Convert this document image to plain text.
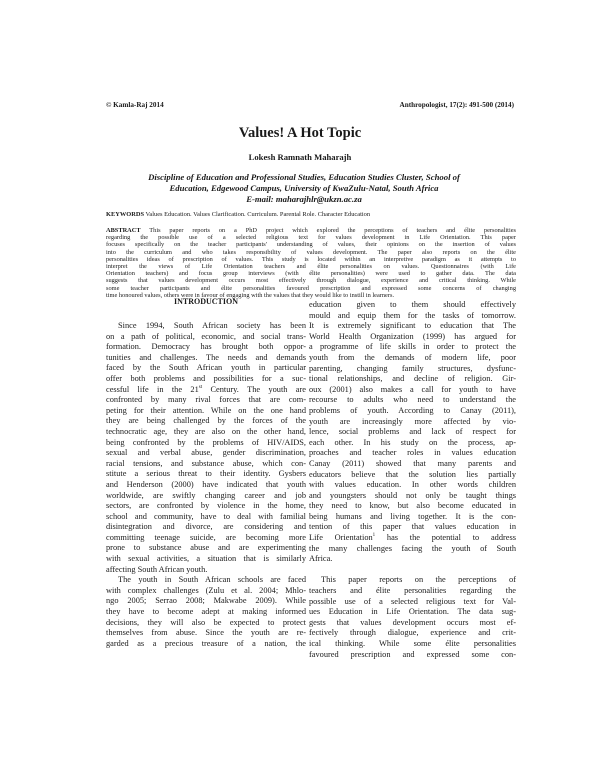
© Kamla-Raj 2014	Anthropologist, 17(2): 491-500 (2014)
Values! A Hot Topic
Lokesh Ramnath Maharajh
Discipline of Education and Professional Studies, Education Studies Cluster, School of
Education, Edgewood Campus, University of KwaZulu-Natal, South Africa
E-mail: maharajhlr@ukzn.ac.za
KEYWORDS Values Education. Values Clarification. Curriculum. Parental Role. Character Education
ABSTRACT This paper reports on a PhD project which explored the perceptions of teachers and élite personalities
regarding the possible use of a selected religious text for values development in Life Orientation. This paper
focuses specifically on the teacher participants' understanding of values, their opinions on the insertion of values
into the curriculum and who takes responsibility of values development. The paper also reports on the élite
personalities ideas of prescription of values. This study is located within an interpretive paradigm as it attempts to
interpret the views of Life Orientation teachers and élite personalities on values. Questionnaires (with Life
Orientation teachers) and focus group interviews (with élite personalities) were used to gather data. The data
suggests that values development occurs most effectively through dialogue, experience and critical thinking. While
some teacher participants and élite personalities favoured prescription and expressed some concerns of changing
time honoured values, others were in favour of engaging with the values that they would like to instill in learners.
INTRODUCTION
Since 1994, South African society has been
on a path of political, economic, and social trans-
formation. Democracy has brought both oppor-
tunities and challenges. The needs and demands
faced by the South African youth in particular
offer both problems and possibilities for a suc-
cessful life in the 21st Century. The youth are
confronted by many rival forces that are com-
peting for their attention. While on the one hand
they are being challenged by the forces of the
technocratic age, they are also on the other hand,
being confronted by the problems of HIV/AIDS,
sexual and verbal abuse, gender discrimination,
racial tensions, and substance abuse, which con-
stitute a serious threat to their identity. Gysbers
and Henderson (2000) have indicated that youth
worldwide, are swiftly changing career and job
sectors, are confronted by violence in the home,
school and community, have to deal with familial
disintegration and divorce, are considering and
committing teenage suicide, are becoming more
prone to substance abuse and are experimenting
with sexual activities, a situation that is similarly
affecting South African youth.
The youth in South African schools are faced
with complex challenges (Zulu et al. 2004; Mhlo-
ngo 2005; Serrao 2008; Makwabe 2009). While
they have to become adept at making informed
decisions, they will also be expected to protect
themselves from abuse. Since the youth are re-
garded as a precious treasure of a nation, the
education given to them should effectively
mould and equip them for the tasks of tomorrow.
It is extremely significant to education that The
World Health Organization (1999) has argued for
a programme of life skills in order to protect the
youth from the demands of modern life, poor
parenting, changing family structures, dysfunc-
tional relationships, and decline of religion. Gir-
oux (2001) also makes a call for youth to have
recourse to adults who need to understand the
problems of youth. According to Canay (2011),
youth are increasingly more affected by vio-
lence, social problems and lack of respect for
each other. In his study on the process, ap-
proaches and teacher roles in values education
Canay (2011) showed that many parents and
educators believe that the solution lies partially
with values education. In other words children
and youngsters should not only be taught things
they need to know, but also become educated in
being humans and living together. It is the con-
tention of this paper that values education in
Life Orientation$^1$ has the potential to address
the many challenges facing the youth of South
Africa.
This paper reports on the perceptions of
teachers and élite personalities regarding the
possible use of a selected religious text for Val-
ues Education in Life Orientation. The data sug-
gests that values development occurs most ef-
fectively through dialogue, experience and crit-
ical thinking. While some élite personalities
favoured prescription and expressed some con-
